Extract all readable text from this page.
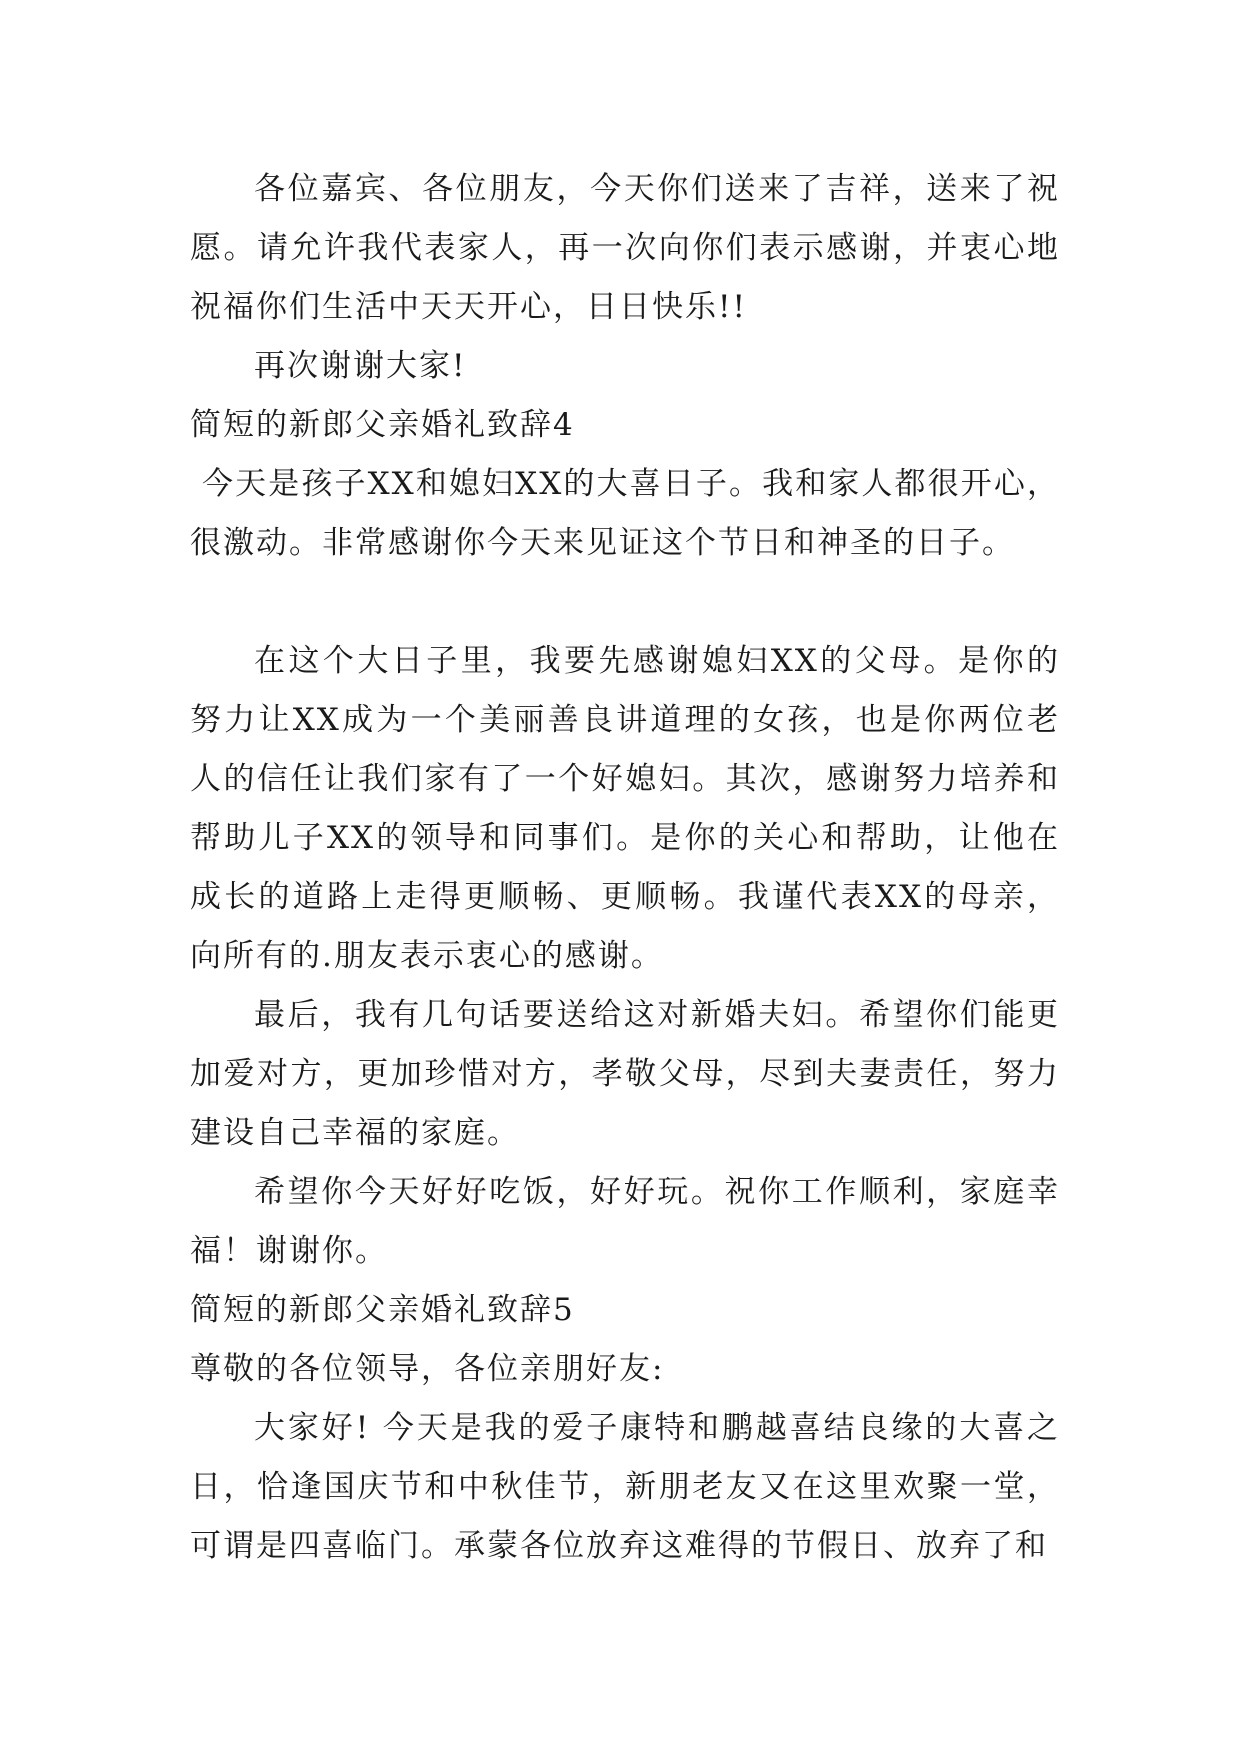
各位嘉宾、各位朋友，今天你们送来了吉祥，送来了祝愿。请允许我代表家人，再一次向你们表示感谢，并衷心地祝福你们生活中天天开心，日日快乐!!

再次谢谢大家!

简短的新郎父亲婚礼致辞4

今天是孩子XX和媳妇XX的大喜日子。我和家人都很开心，很激动。非常感谢你今天来见证这个节日和神圣的日子。

在这个大日子里，我要先感谢媳妇XX的父母。是你的努力让XX成为一个美丽善良讲道理的女孩，也是你两位老人的信任让我们家有了一个好媳妇。其次，感谢努力培养和帮助儿子XX的领导和同事们。是你的关心和帮助，让他在成长的道路上走得更顺畅、更顺畅。我谨代表XX的母亲，向所有的.朋友表示衷心的感谢。

最后，我有几句话要送给这对新婚夫妇。希望你们能更加爱对方，更加珍惜对方，孝敬父母，尽到夫妻责任，努力建设自己幸福的家庭。

希望你今天好好吃饭，好好玩。祝你工作顺利，家庭幸福！谢谢你。

简短的新郎父亲婚礼致辞5

尊敬的各位领导，各位亲朋好友:

大家好! 今天是我的爱子康特和鹏越喜结良缘的大喜之日，恰逢国庆节和中秋佳节，新朋老友又在这里欢聚一堂，可谓是四喜临门。承蒙各位放弃这难得的节假日、放弃了和
